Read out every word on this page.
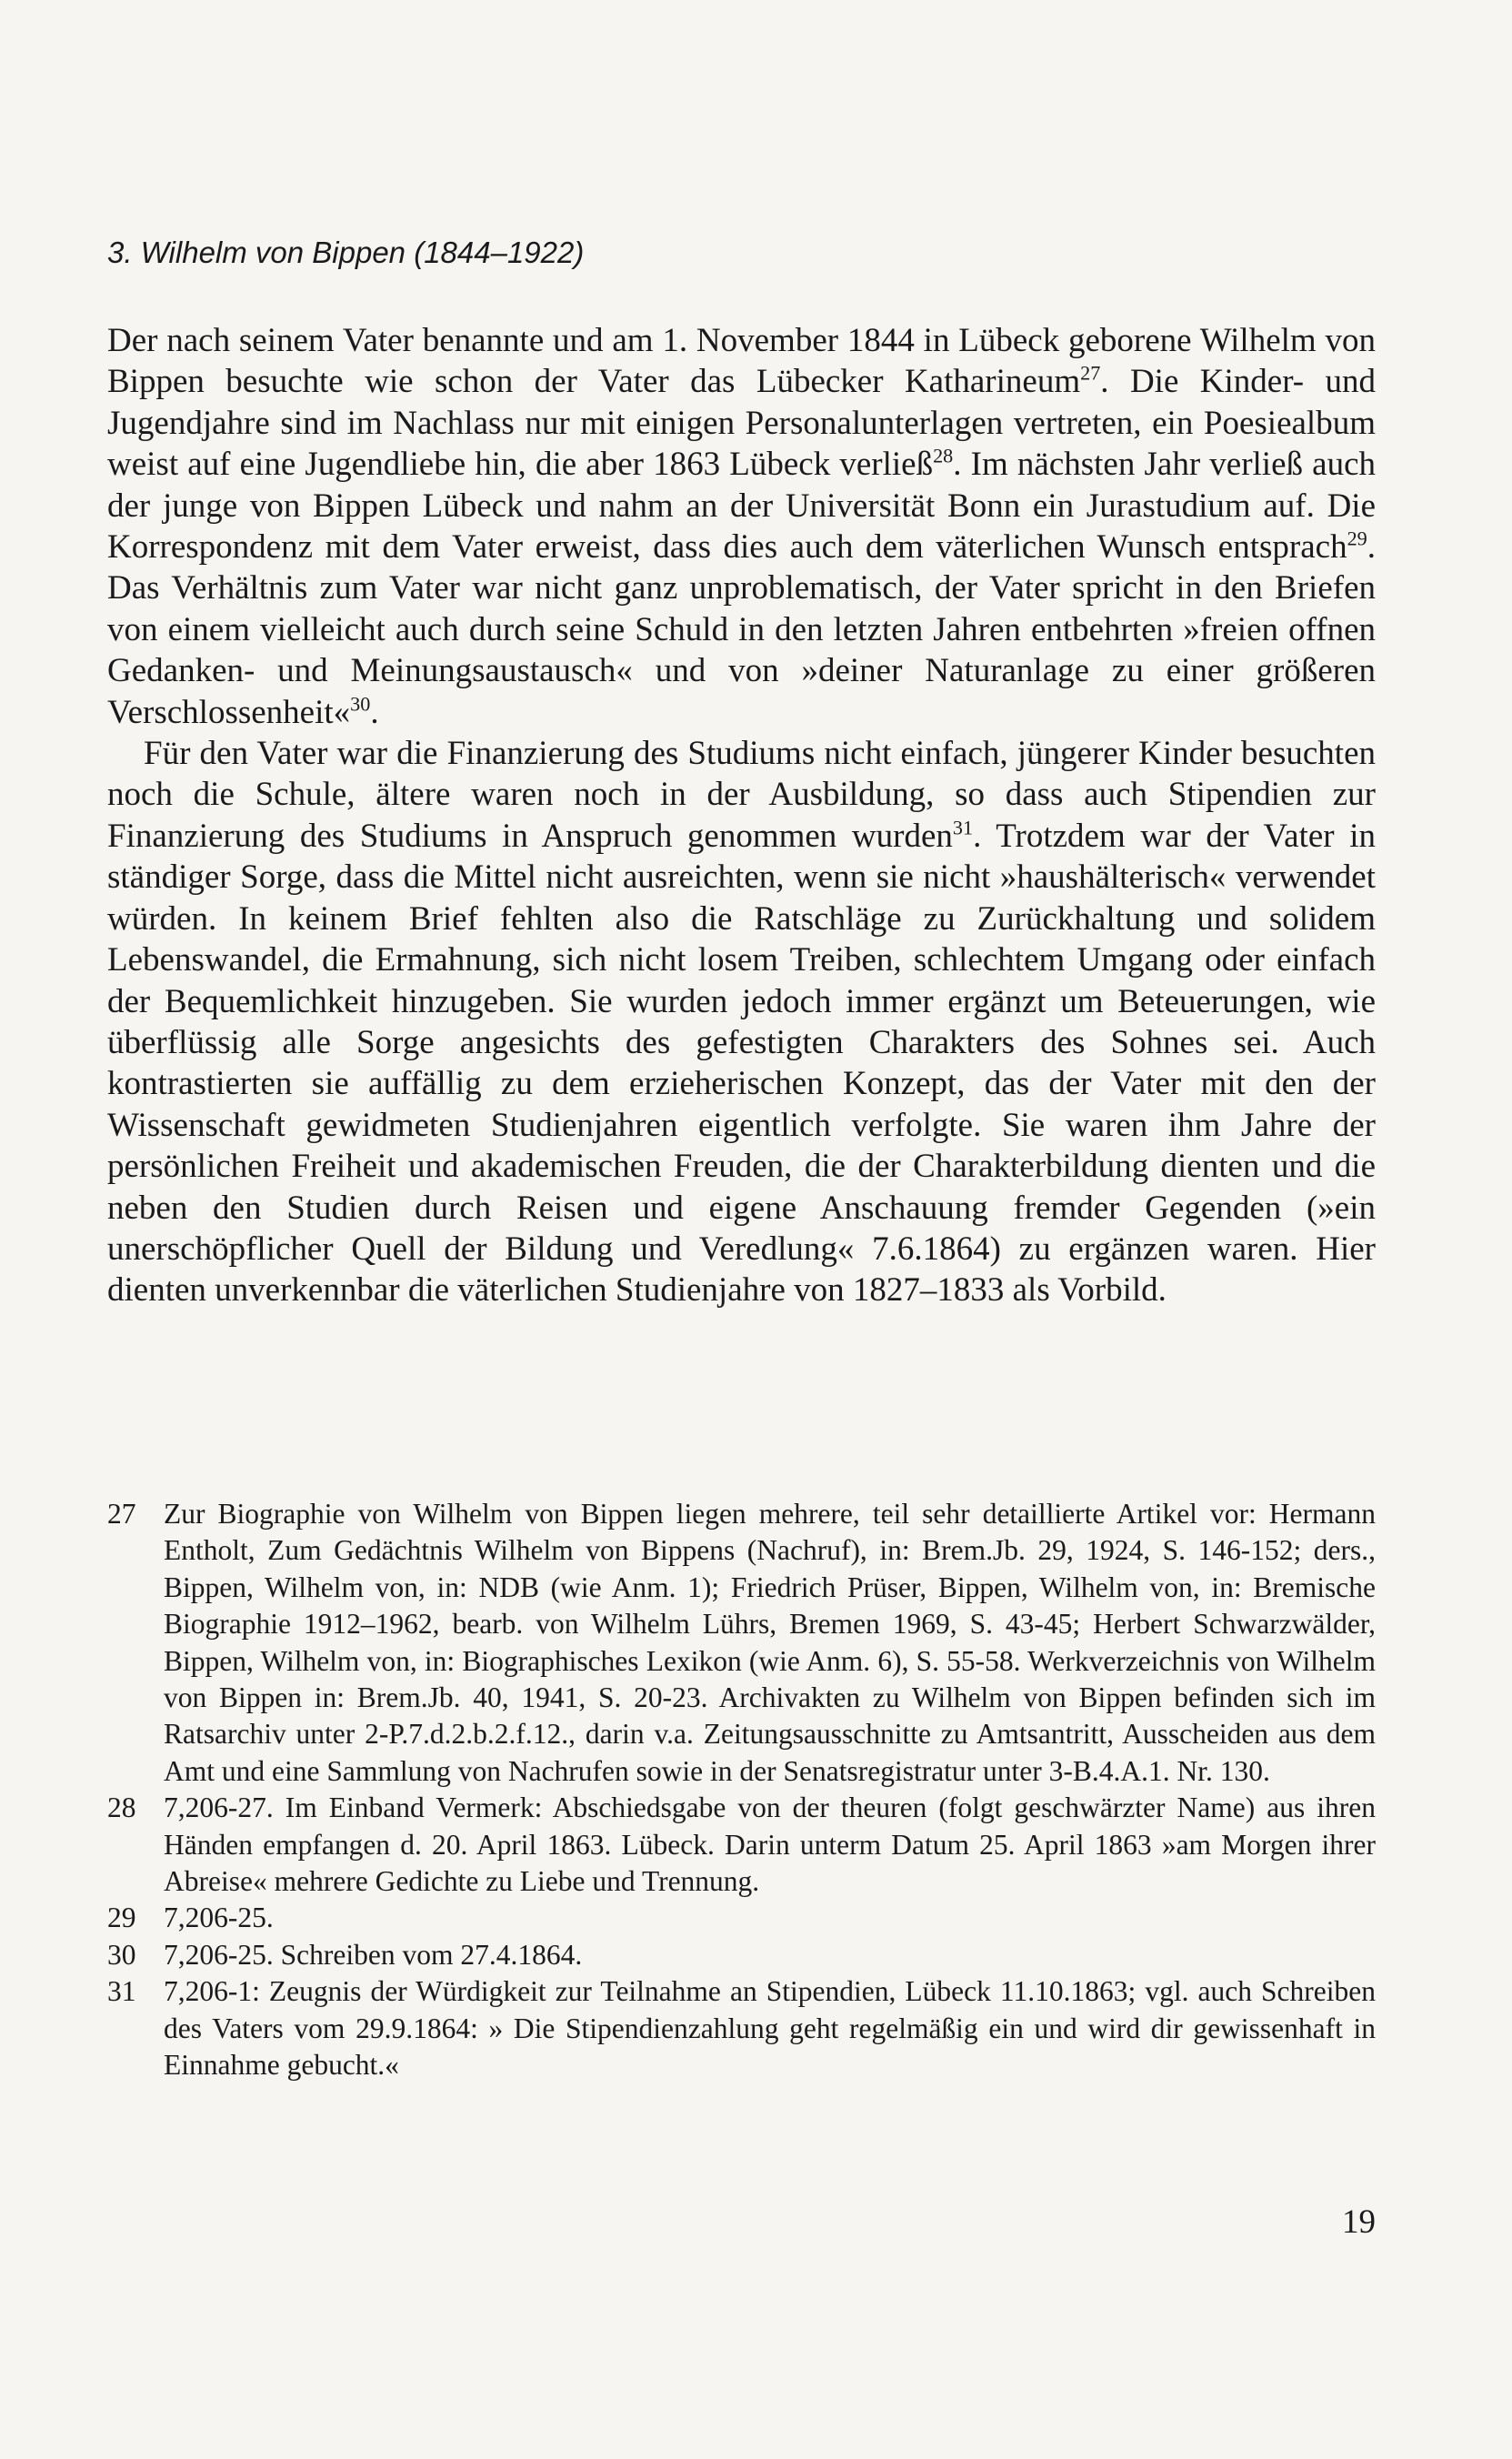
3. Wilhelm von Bippen (1844–1922)

Der nach seinem Vater benannte und am 1. November 1844 in Lübeck geborene Wilhelm von Bippen besuchte wie schon der Vater das Lübecker Katharineum$^{27}$. Die Kinder- und Jugendjahre sind im Nachlass nur mit einigen Personalunterlagen vertreten, ein Poesiealbum weist auf eine Jugendliebe hin, die aber 1863 Lübeck verließ$^{28}$. Im nächsten Jahr verließ auch der junge von Bippen Lübeck und nahm an der Universität Bonn ein Jurastudium auf. Die Korrespondenz mit dem Vater erweist, dass dies auch dem väterlichen Wunsch entsprach$^{29}$. Das Verhältnis zum Vater war nicht ganz unproblematisch, der Vater spricht in den Briefen von einem vielleicht auch durch seine Schuld in den letzten Jahren entbehrten »freien offnen Gedanken- und Meinungsaustausch« und von »deiner Naturanlage zu einer größeren Verschlossenheit«$^{30}$.

Für den Vater war die Finanzierung des Studiums nicht einfach, jüngerer Kinder besuchten noch die Schule, ältere waren noch in der Ausbildung, so dass auch Stipendien zur Finanzierung des Studiums in Anspruch genommen wurden$^{31}$. Trotzdem war der Vater in ständiger Sorge, dass die Mittel nicht ausreichten, wenn sie nicht »haushälterisch« verwendet würden. In keinem Brief fehlten also die Ratschläge zu Zurückhaltung und solidem Lebenswandel, die Ermahnung, sich nicht losem Treiben, schlechtem Umgang oder einfach der Bequemlichkeit hinzugeben. Sie wurden jedoch immer ergänzt um Beteuerungen, wie überflüssig alle Sorge angesichts des gefestigten Charakters des Sohnes sei. Auch kontrastierten sie auffällig zu dem erzieherischen Konzept, das der Vater mit den der Wissenschaft gewidmeten Studienjahren eigentlich verfolgte. Sie waren ihm Jahre der persönlichen Freiheit und akademischen Freuden, die der Charakterbildung dienten und die neben den Studien durch Reisen und eigene Anschauung fremder Gegenden (»ein unerschöpflicher Quell der Bildung und Veredlung« 7.6.1864) zu ergänzen waren. Hier dienten unverkennbar die väterlichen Studienjahre von 1827–1833 als Vorbild.

27 Zur Biographie von Wilhelm von Bippen liegen mehrere, teil sehr detaillierte Artikel vor: Hermann Entholt, Zum Gedächtnis Wilhelm von Bippens (Nachruf), in: Brem.Jb. 29, 1924, S. 146-152; ders., Bippen, Wilhelm von, in: NDB (wie Anm. 1); Friedrich Prüser, Bippen, Wilhelm von, in: Bremische Biographie 1912–1962, bearb. von Wilhelm Lührs, Bremen 1969, S. 43-45; Herbert Schwarzwälder, Bippen, Wilhelm von, in: Biographisches Lexikon (wie Anm. 6), S. 55-58. Werkverzeichnis von Wilhelm von Bippen in: Brem.Jb. 40, 1941, S. 20-23. Archivakten zu Wilhelm von Bippen befinden sich im Ratsarchiv unter 2-P.7.d.2.b.2.f.12., darin v.a. Zeitungsausschnitte zu Amtsantritt, Ausscheiden aus dem Amt und eine Sammlung von Nachrufen sowie in der Senatsregistratur unter 3-B.4.A.1. Nr. 130.
28 7,206-27. Im Einband Vermerk: Abschiedsgabe von der theuren (folgt geschwärzter Name) aus ihren Händen empfangen d. 20. April 1863. Lübeck. Darin unterm Datum 25. April 1863 »am Morgen ihrer Abreise« mehrere Gedichte zu Liebe und Trennung.
29 7,206-25.
30 7,206-25. Schreiben vom 27.4.1864.
31 7,206-1: Zeugnis der Würdigkeit zur Teilnahme an Stipendien, Lübeck 11.10.1863; vgl. auch Schreiben des Vaters vom 29.9.1864: » Die Stipendienzahlung geht regelmäßig ein und wird dir gewissenhaft in Einnahme gebucht.«
19
